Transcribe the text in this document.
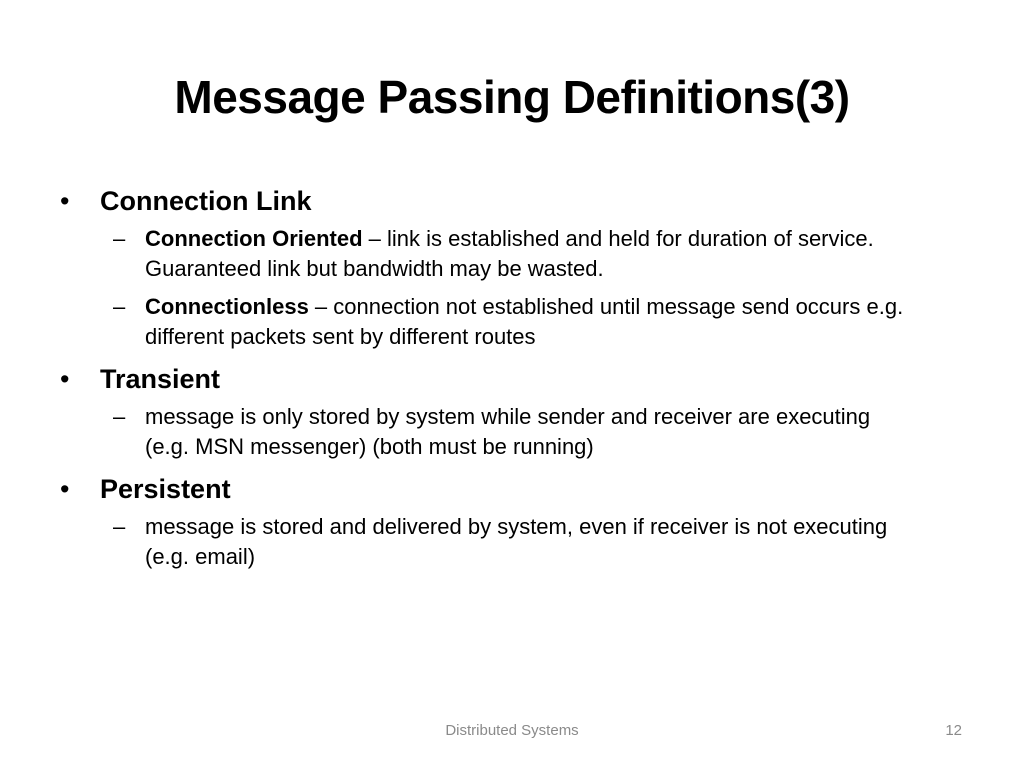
Message Passing Definitions(3)
• Connection Link
– Connection Oriented – link is established and held for duration of service. Guaranteed link but bandwidth may be wasted.
– Connectionless – connection not established until message send occurs e.g. different packets sent by different routes
• Transient
– message is only stored by system while sender and receiver are executing (e.g. MSN messenger) (both must be running)
• Persistent
– message is stored and delivered by system, even if receiver is not executing (e.g. email)
Distributed Systems	12
